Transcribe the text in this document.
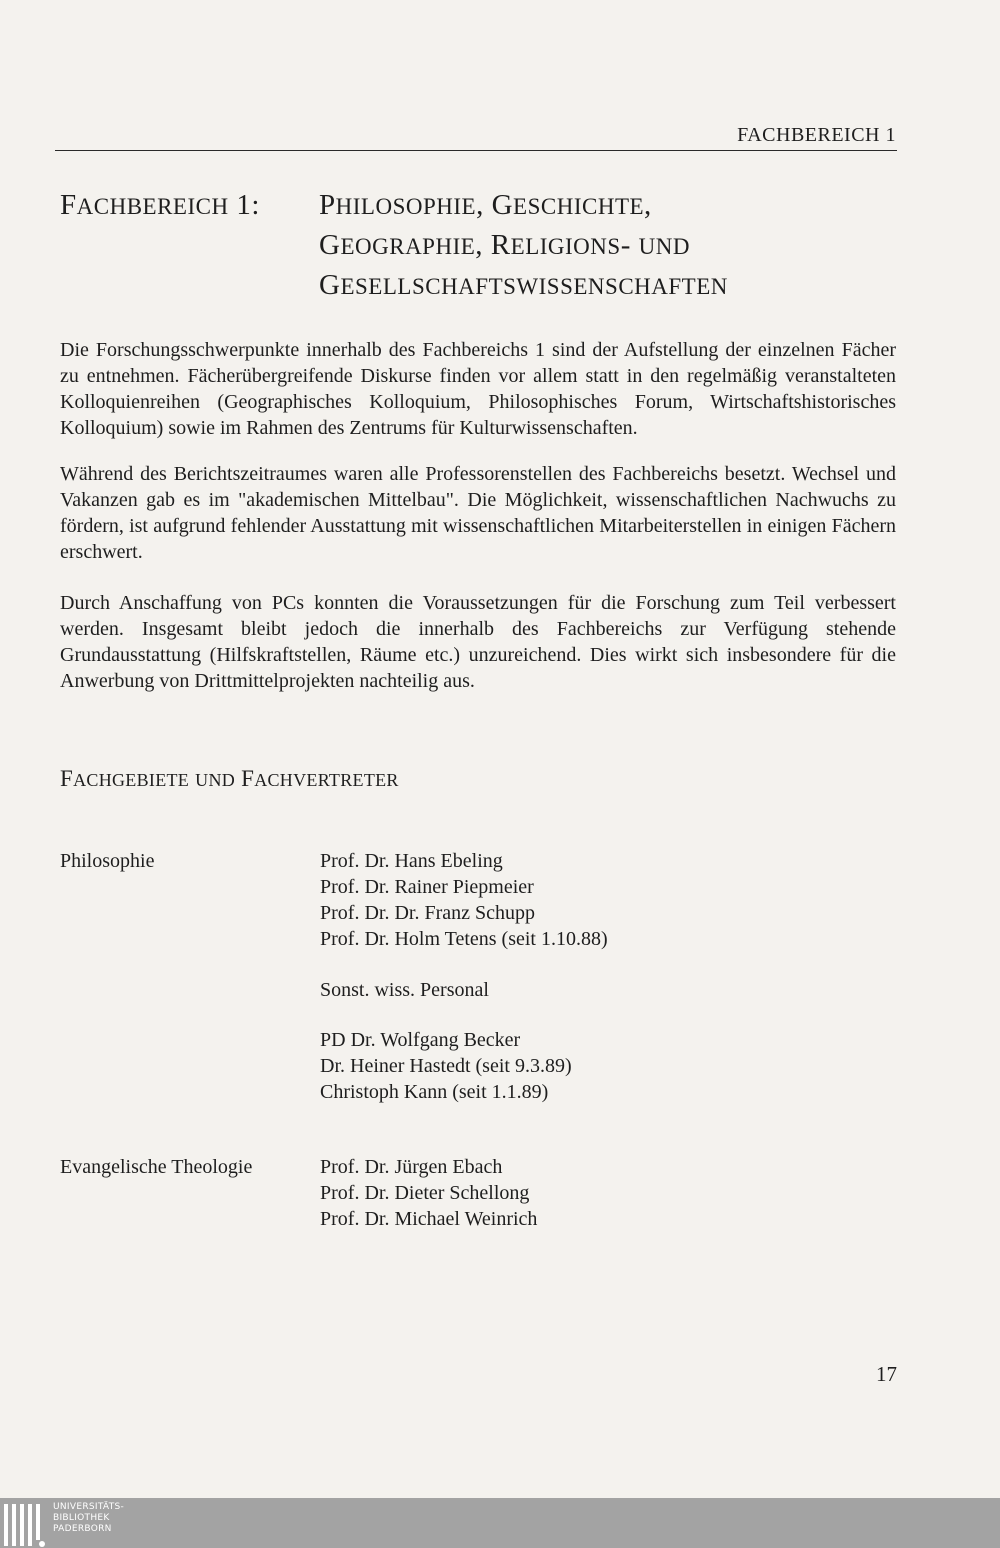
FACHBEREICH 1
FACHBEREICH 1: PHILOSOPHIE, GESCHICHTE,
GEOGRAPHIE, RELIGIONS- UND
GESELLSCHAFTSWISSENSCHAFTEN

Die Forschungsschwerpunkte innerhalb des Fachbereichs 1 sind der Aufstellung der einzelnen Fächer zu entnehmen. Fächerübergreifende Diskurse finden vor allem statt in den regelmäßig veranstalteten Kolloquienreihen (Geographisches Kolloquium, Philosophisches Forum, Wirtschaftshistorisches Kolloquium) sowie im Rahmen des Zentrums für Kulturwissenschaften.

Während des Berichtszeitraumes waren alle Professorenstellen des Fachbereichs besetzt. Wechsel und Vakanzen gab es im "akademischen Mittelbau". Die Möglichkeit, wissenschaftlichen Nachwuchs zu fördern, ist aufgrund fehlender Ausstattung mit wissenschaftlichen Mitarbeiterstellen in einigen Fächern erschwert.

Durch Anschaffung von PCs konnten die Voraussetzungen für die Forschung zum Teil verbessert werden. Insgesamt bleibt jedoch die innerhalb des Fachbereichs zur Verfügung stehende Grundausstattung (Hilfskraftstellen, Räume etc.) unzureichend. Dies wirkt sich insbesondere für die Anwerbung von Drittmittelprojekten nachteilig aus.

FACHGEBIETE UND FACHVERTRETER
Philosophie	Prof. Dr. Hans Ebeling
Prof. Dr. Rainer Piepmeier
Prof. Dr. Dr. Franz Schupp
Prof. Dr. Holm Tetens (seit 1.10.88)
Sonst. wiss. Personal
PD Dr. Wolfgang Becker
Dr. Heiner Hastedt (seit 9.3.89)
Christoph Kann (seit 1.1.89)
Evangelische Theologie	Prof. Dr. Jürgen Ebach
Prof. Dr. Dieter Schellong
Prof. Dr. Michael Weinrich
17
UNIVERSITÄTS-
BIBLIOTHEK
PADERBORN
